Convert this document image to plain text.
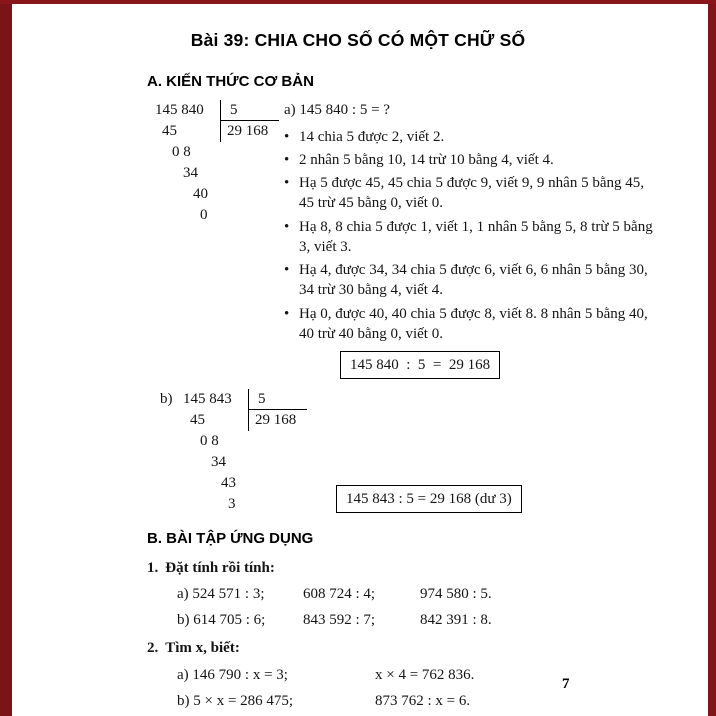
Bài 39: CHIA CHO SỐ CÓ MỘT CHỮ SỐ
A. KIẾN THỨC CƠ BẢN
145 840
45
0 8
34
40
0
5
29 168
a) 145 840 : 5 = ?
• 14 chia 5 được 2, viết 2.
• 2 nhân 5 bằng 10, 14 trừ 10 bằng 4, viết 4.
• Hạ 5 được 45, 45 chia 5 được 9, viết 9, 9 nhân 5 bằng 45, 45 trừ 45 bằng 0, viết 0.
• Hạ 8, 8 chia 5 được 1, viết 1, 1 nhân 5 bằng 5, 8 trừ 5 bằng 3, viết 3.
• Hạ 4, được 34, 34 chia 5 được 6, viết 6, 6 nhân 5 bằng 30, 34 trừ 30 bằng 4, viết 4.
• Hạ 0, được 40, 40 chia 5 được 8, viết 8. 8 nhân 5 bằng 40, 40 trừ 40 bằng 0, viết 0.
145 840  :  5  =  29 168
b) 145 843
45
0 8
34
43
3
5
29 168
145 843 : 5 = 29 168 (dư 3)
B. BÀI TẬP ỨNG DỤNG
1. Đặt tính rồi tính:
a) 524 571 : 3;	608 724 : 4;	974 580 : 5.
b) 614 705 : 6;	843 592 : 7;	842 391 : 8.
2. Tìm x, biết:
a) 146 790 : x = 3;	x × 4 = 762 836.
b) 5 × x = 286 475;	873 762 : x = 6.
7
